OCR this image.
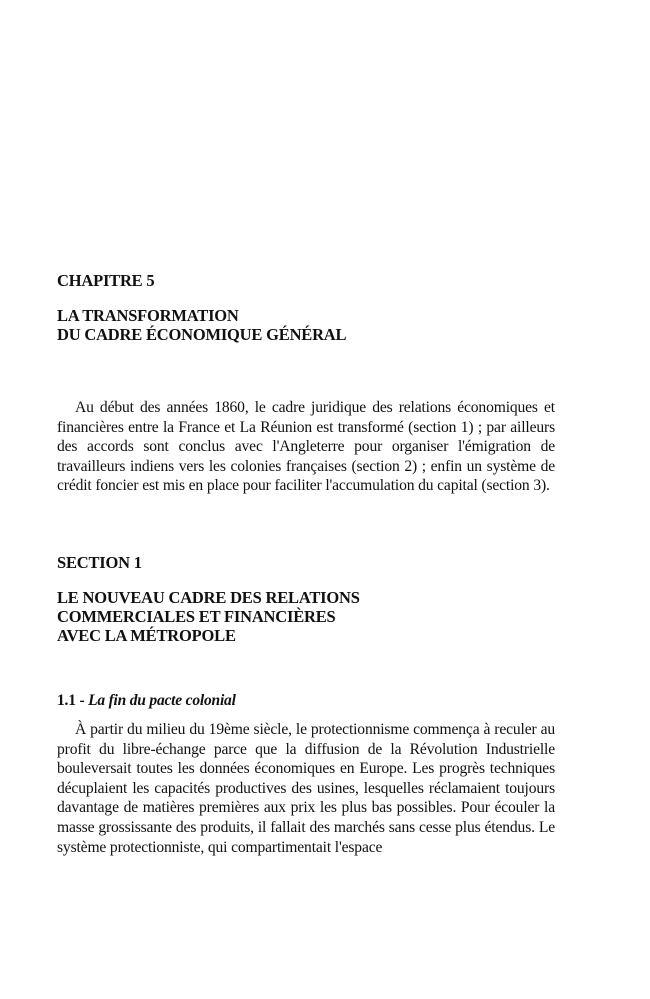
CHAPITRE 5

LA TRANSFORMATION
DU CADRE ÉCONOMIQUE GÉNÉRAL

Au début des années 1860, le cadre juridique des relations économiques et financières entre la France et La Réunion est transformé (section 1) ; par ailleurs des accords sont conclus avec l'Angleterre pour organiser l'émigration de travailleurs indiens vers les colonies françaises (section 2) ; enfin un système de crédit foncier est mis en place pour faciliter l'accumulation du capital (section 3).

SECTION 1

LE NOUVEAU CADRE DES RELATIONS
COMMERCIALES ET FINANCIÈRES
AVEC LA MÉTROPOLE

1.1 - La fin du pacte colonial

À partir du milieu du 19ème siècle, le protectionnisme commença à reculer au profit du libre-échange parce que la diffusion de la Révolution Industrielle bouleversait toutes les données économiques en Europe. Les progrès techniques décuplaient les capacités productives des usines, lesquelles réclamaient toujours davantage de matières premières aux prix les plus bas possibles. Pour écouler la masse grossissante des produits, il fallait des marchés sans cesse plus étendus. Le système protectionniste, qui compartimentait l'espace
